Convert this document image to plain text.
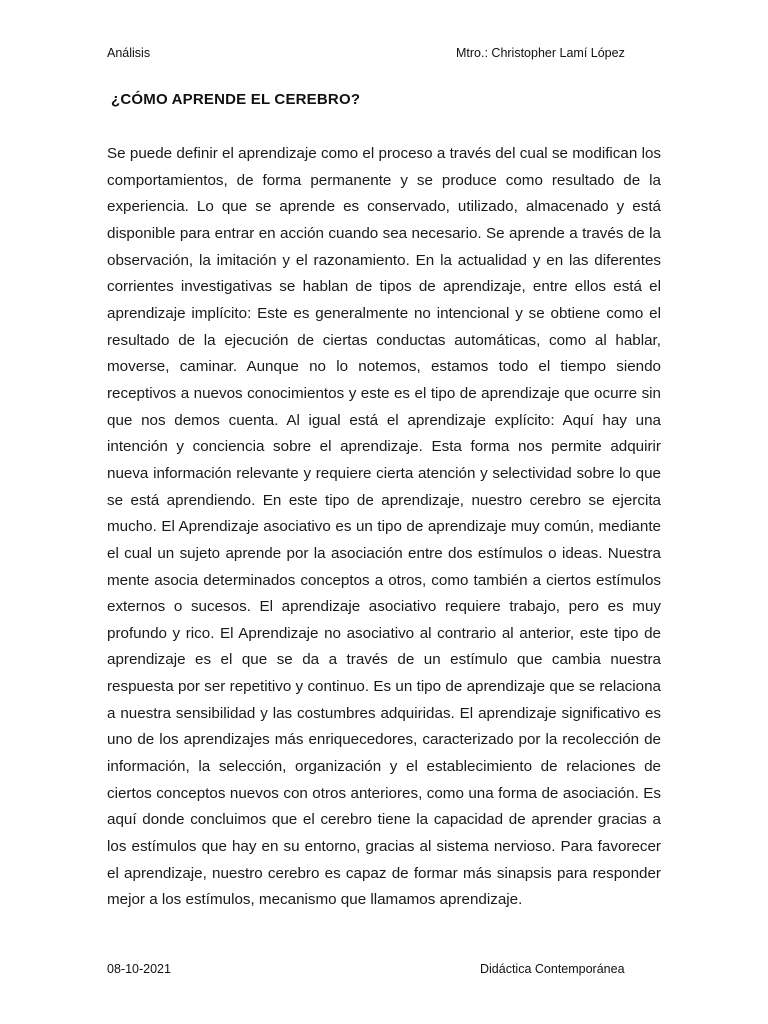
Análisis	Mtro.: Christopher Lamí López
¿CÓMO APRENDE EL CEREBRO?

Se puede definir el aprendizaje como el proceso a través del cual se modifican los comportamientos, de forma permanente y se produce como resultado de la experiencia. Lo que se aprende es conservado, utilizado, almacenado y está disponible para entrar en acción cuando sea necesario. Se aprende a través de la observación, la imitación y el razonamiento. En la actualidad y en las diferentes corrientes investigativas se hablan de tipos de aprendizaje, entre ellos está el aprendizaje implícito: Este es generalmente no intencional y se obtiene como el resultado de la ejecución de ciertas conductas automáticas, como al hablar, moverse, caminar. Aunque no lo notemos, estamos todo el tiempo siendo receptivos a nuevos conocimientos y este es el tipo de aprendizaje que ocurre sin que nos demos cuenta. Al igual está el aprendizaje explícito: Aquí hay una intención y conciencia sobre el aprendizaje. Esta forma nos permite adquirir nueva información relevante y requiere cierta atención y selectividad sobre lo que se está aprendiendo. En este tipo de aprendizaje, nuestro cerebro se ejercita mucho. El Aprendizaje asociativo es un tipo de aprendizaje muy común, mediante el cual un sujeto aprende por la asociación entre dos estímulos o ideas. Nuestra mente asocia determinados conceptos a otros, como también a ciertos estímulos externos o sucesos. El aprendizaje asociativo requiere trabajo, pero es muy profundo y rico. El Aprendizaje no asociativo al contrario al anterior, este tipo de aprendizaje es el que se da a través de un estímulo que cambia nuestra respuesta por ser repetitivo y continuo. Es un tipo de aprendizaje que se relaciona a nuestra sensibilidad y las costumbres adquiridas. El aprendizaje significativo es uno de los aprendizajes más enriquecedores, caracterizado por la recolección de información, la selección, organización y el establecimiento de relaciones de ciertos conceptos nuevos con otros anteriores, como una forma de asociación. Es aquí donde concluimos que el cerebro tiene la capacidad de aprender gracias a los estímulos que hay en su entorno, gracias al sistema nervioso. Para favorecer el aprendizaje, nuestro cerebro es capaz de formar más sinapsis para responder mejor a los estímulos, mecanismo que llamamos aprendizaje.

08-10-2021	Didáctica Contemporánea
